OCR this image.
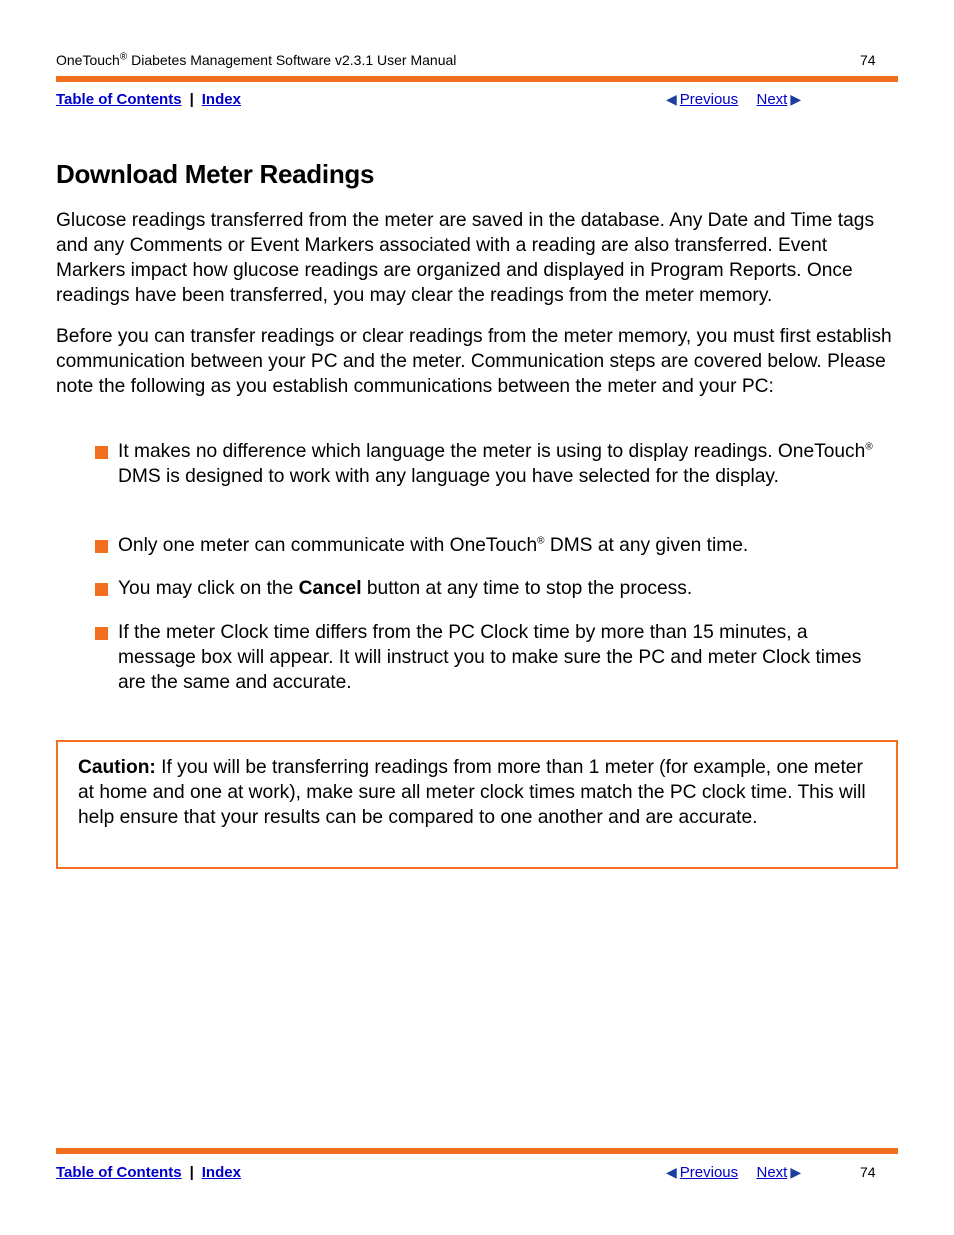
OneTouch® Diabetes Management Software v2.3.1 User Manual	74
Table of Contents | Index	◀ Previous Next ▶
Download Meter Readings
Glucose readings transferred from the meter are saved in the database. Any Date and Time tags and any Comments or Event Markers associated with a reading are also transferred. Event Markers impact how glucose readings are organized and displayed in Program Reports. Once readings have been transferred, you may clear the readings from the meter memory.
Before you can transfer readings or clear readings from the meter memory, you must first establish communication between your PC and the meter. Communication steps are covered below. Please note the following as you establish communications between the meter and your PC:
It makes no difference which language the meter is using to display readings. OneTouch® DMS is designed to work with any language you have selected for the display.
Only one meter can communicate with OneTouch® DMS at any given time.
You may click on the Cancel button at any time to stop the process.
If the meter Clock time differs from the PC Clock time by more than 15 minutes, a message box will appear. It will instruct you to make sure the PC and meter Clock times are the same and accurate.
Caution: If you will be transferring readings from more than 1 meter (for example, one meter at home and one at work), make sure all meter clock times match the PC clock time. This will help ensure that your results can be compared to one another and are accurate.
Table of Contents | Index	◀ Previous Next ▶	74
